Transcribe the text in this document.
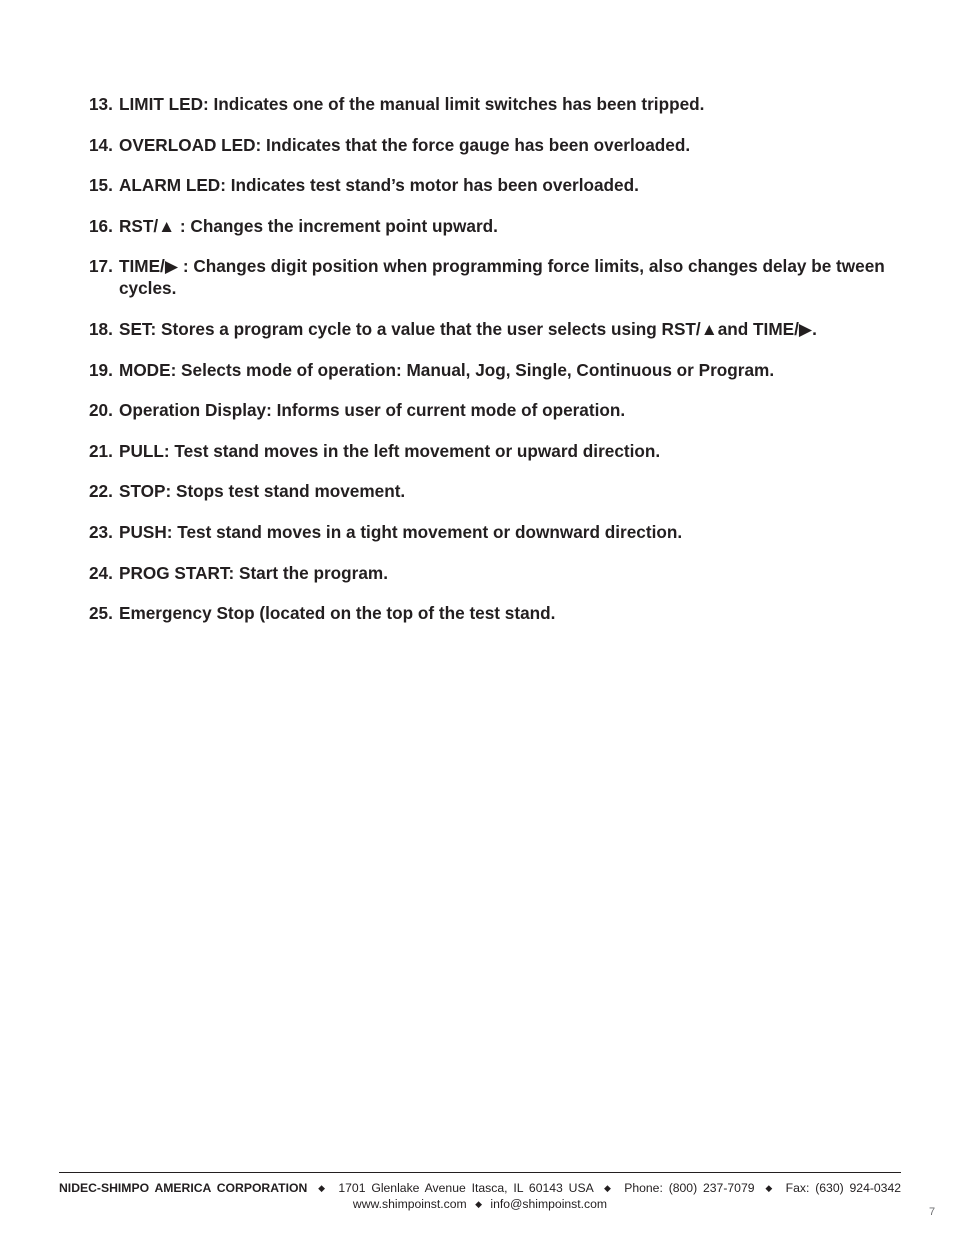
13. LIMIT LED: Indicates one of the manual limit switches has been tripped.
14. OVERLOAD LED: Indicates that the force gauge has been overloaded.
15. ALARM LED: Indicates test stand’s motor has been overloaded.
16. RST/▲ : Changes the increment point upward.
17. TIME/▶ : Changes digit position when programming force limits, also changes delay be tween cycles.
18. SET: Stores a program cycle to a value that the user selects using RST/▲and TIME/▶.
19. MODE: Selects mode of operation: Manual, Jog, Single, Continuous or Program.
20. Operation Display: Informs user of current mode of operation.
21. PULL: Test stand moves in the left movement or upward direction.
22. STOP: Stops test stand movement.
23. PUSH: Test stand moves in a tight movement or downward direction.
24. PROG START: Start the program.
25. Emergency Stop (located on the top of the test stand.
NIDEC-SHIMPO AMERICA CORPORATION ◆ 1701 Glenlake Avenue Itasca, IL 60143 USA ◆ Phone: (800) 237-7079 ◆ Fax: (630) 924-0342
www.shimpoinst.com ◆ info@shimpoinst.com
7
